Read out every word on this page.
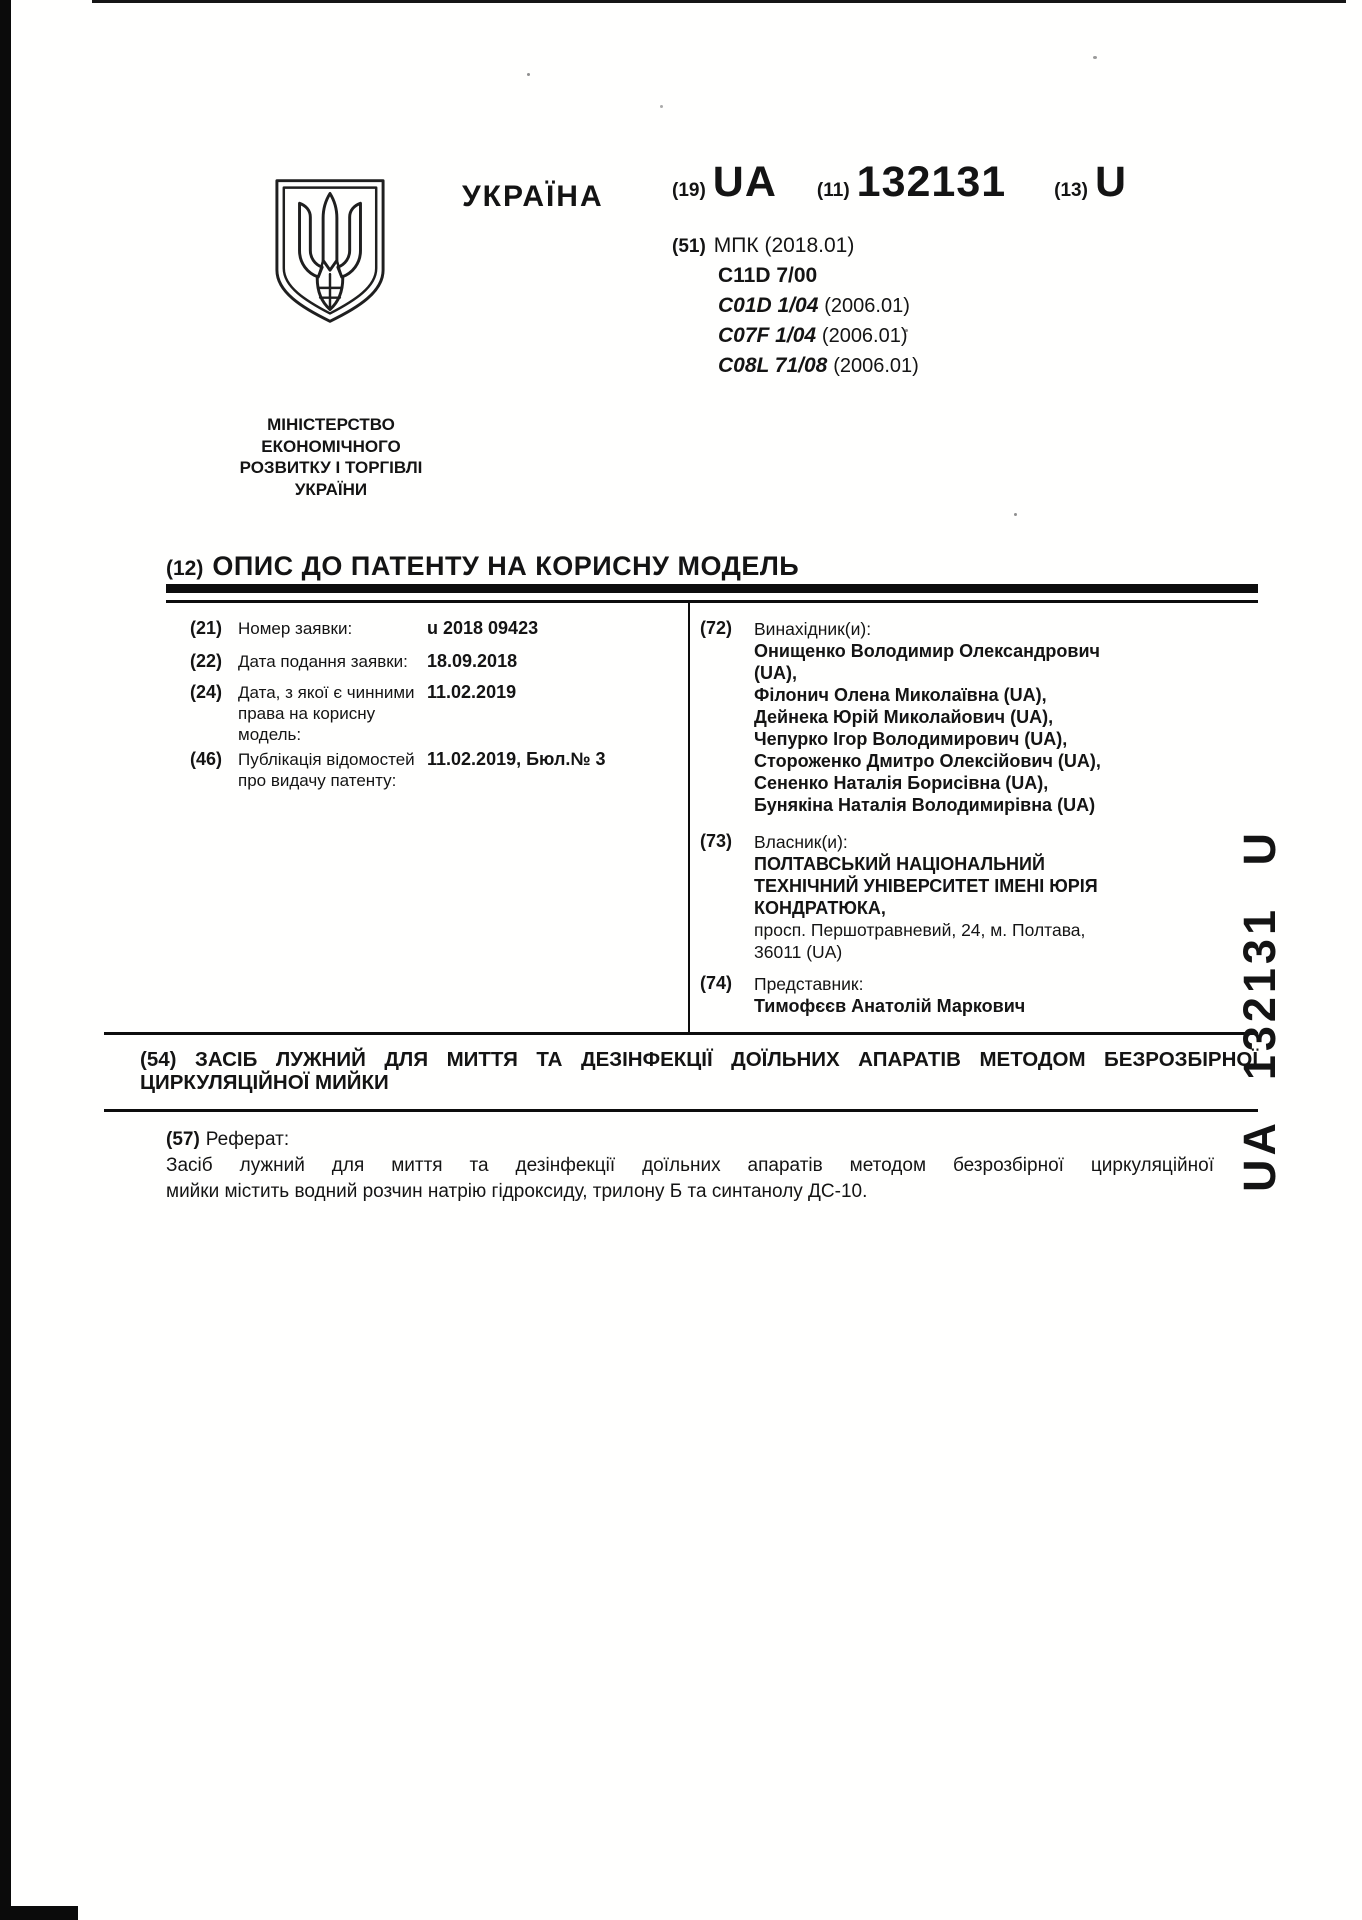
УКРАЇНА	(19) UA (11) 132131	(13) U
(51) МПК (2018.01)
C11D 7/00
C01D 1/04 (2006.01)
C07F 1/04 (2006.01)
C08L 71/08 (2006.01)
МІНІСТЕРСТВО
ЕКОНОМІЧНОГО
РОЗВИТКУ І ТОРГІВЛІ
УКРАЇНИ
(12) ОПИС ДО ПАТЕНТУ НА КОРИСНУ МОДЕЛЬ
(21) Номер заявки:	u 2018 09423
(22) Дата подання заявки:	18.09.2018
(24) Дата, з якої є чинними права на корисну модель:
11.02.2019
(46) Публікація відомостей про видачу патенту:
11.02.2019, Бюл.№ 3
(72) Винахідник(и):
Онищенко Володимир Олександрович
(UA),
Філонич Олена Миколаївна (UA),
Дейнека Юрій Миколайович (UA),
Чепурко Ігор Володимирович (UA),
Стороженко Дмитро Олексійович (UA),
Сененко Наталія Борисівна (UA),
Бунякіна Наталія Володимирівна (UA)
(73) Власник(и):
ПОЛТАВСЬКИЙ НАЦІОНАЛЬНИЙ
ТЕХНІЧНИЙ УНІВЕРСИТЕТ ІМЕНІ ЮРІЯ
КОНДРАТЮКА,
просп. Першотравневий, 24, м. Полтава,
36011 (UA)
(74) Представник:
Тимофєєв Анатолій Маркович
(54) ЗАСІБ ЛУЖНИЙ ДЛЯ МИТТЯ ТА ДЕЗІНФЕКЦІЇ ДОЇЛЬНИХ АПАРАТІВ МЕТОДОМ БЕЗРОЗБІРНОЇ
ЦИРКУЛЯЦІЙНОЇ МИЙКИ
(57) Реферат:
Засіб лужний для миття та дезінфекції доїльних апаратів методом безрозбірної циркуляційної
мийки містить водний розчин натрію гідроксиду, трилону Б та синтанолу ДС-10.	UA 132131 U
